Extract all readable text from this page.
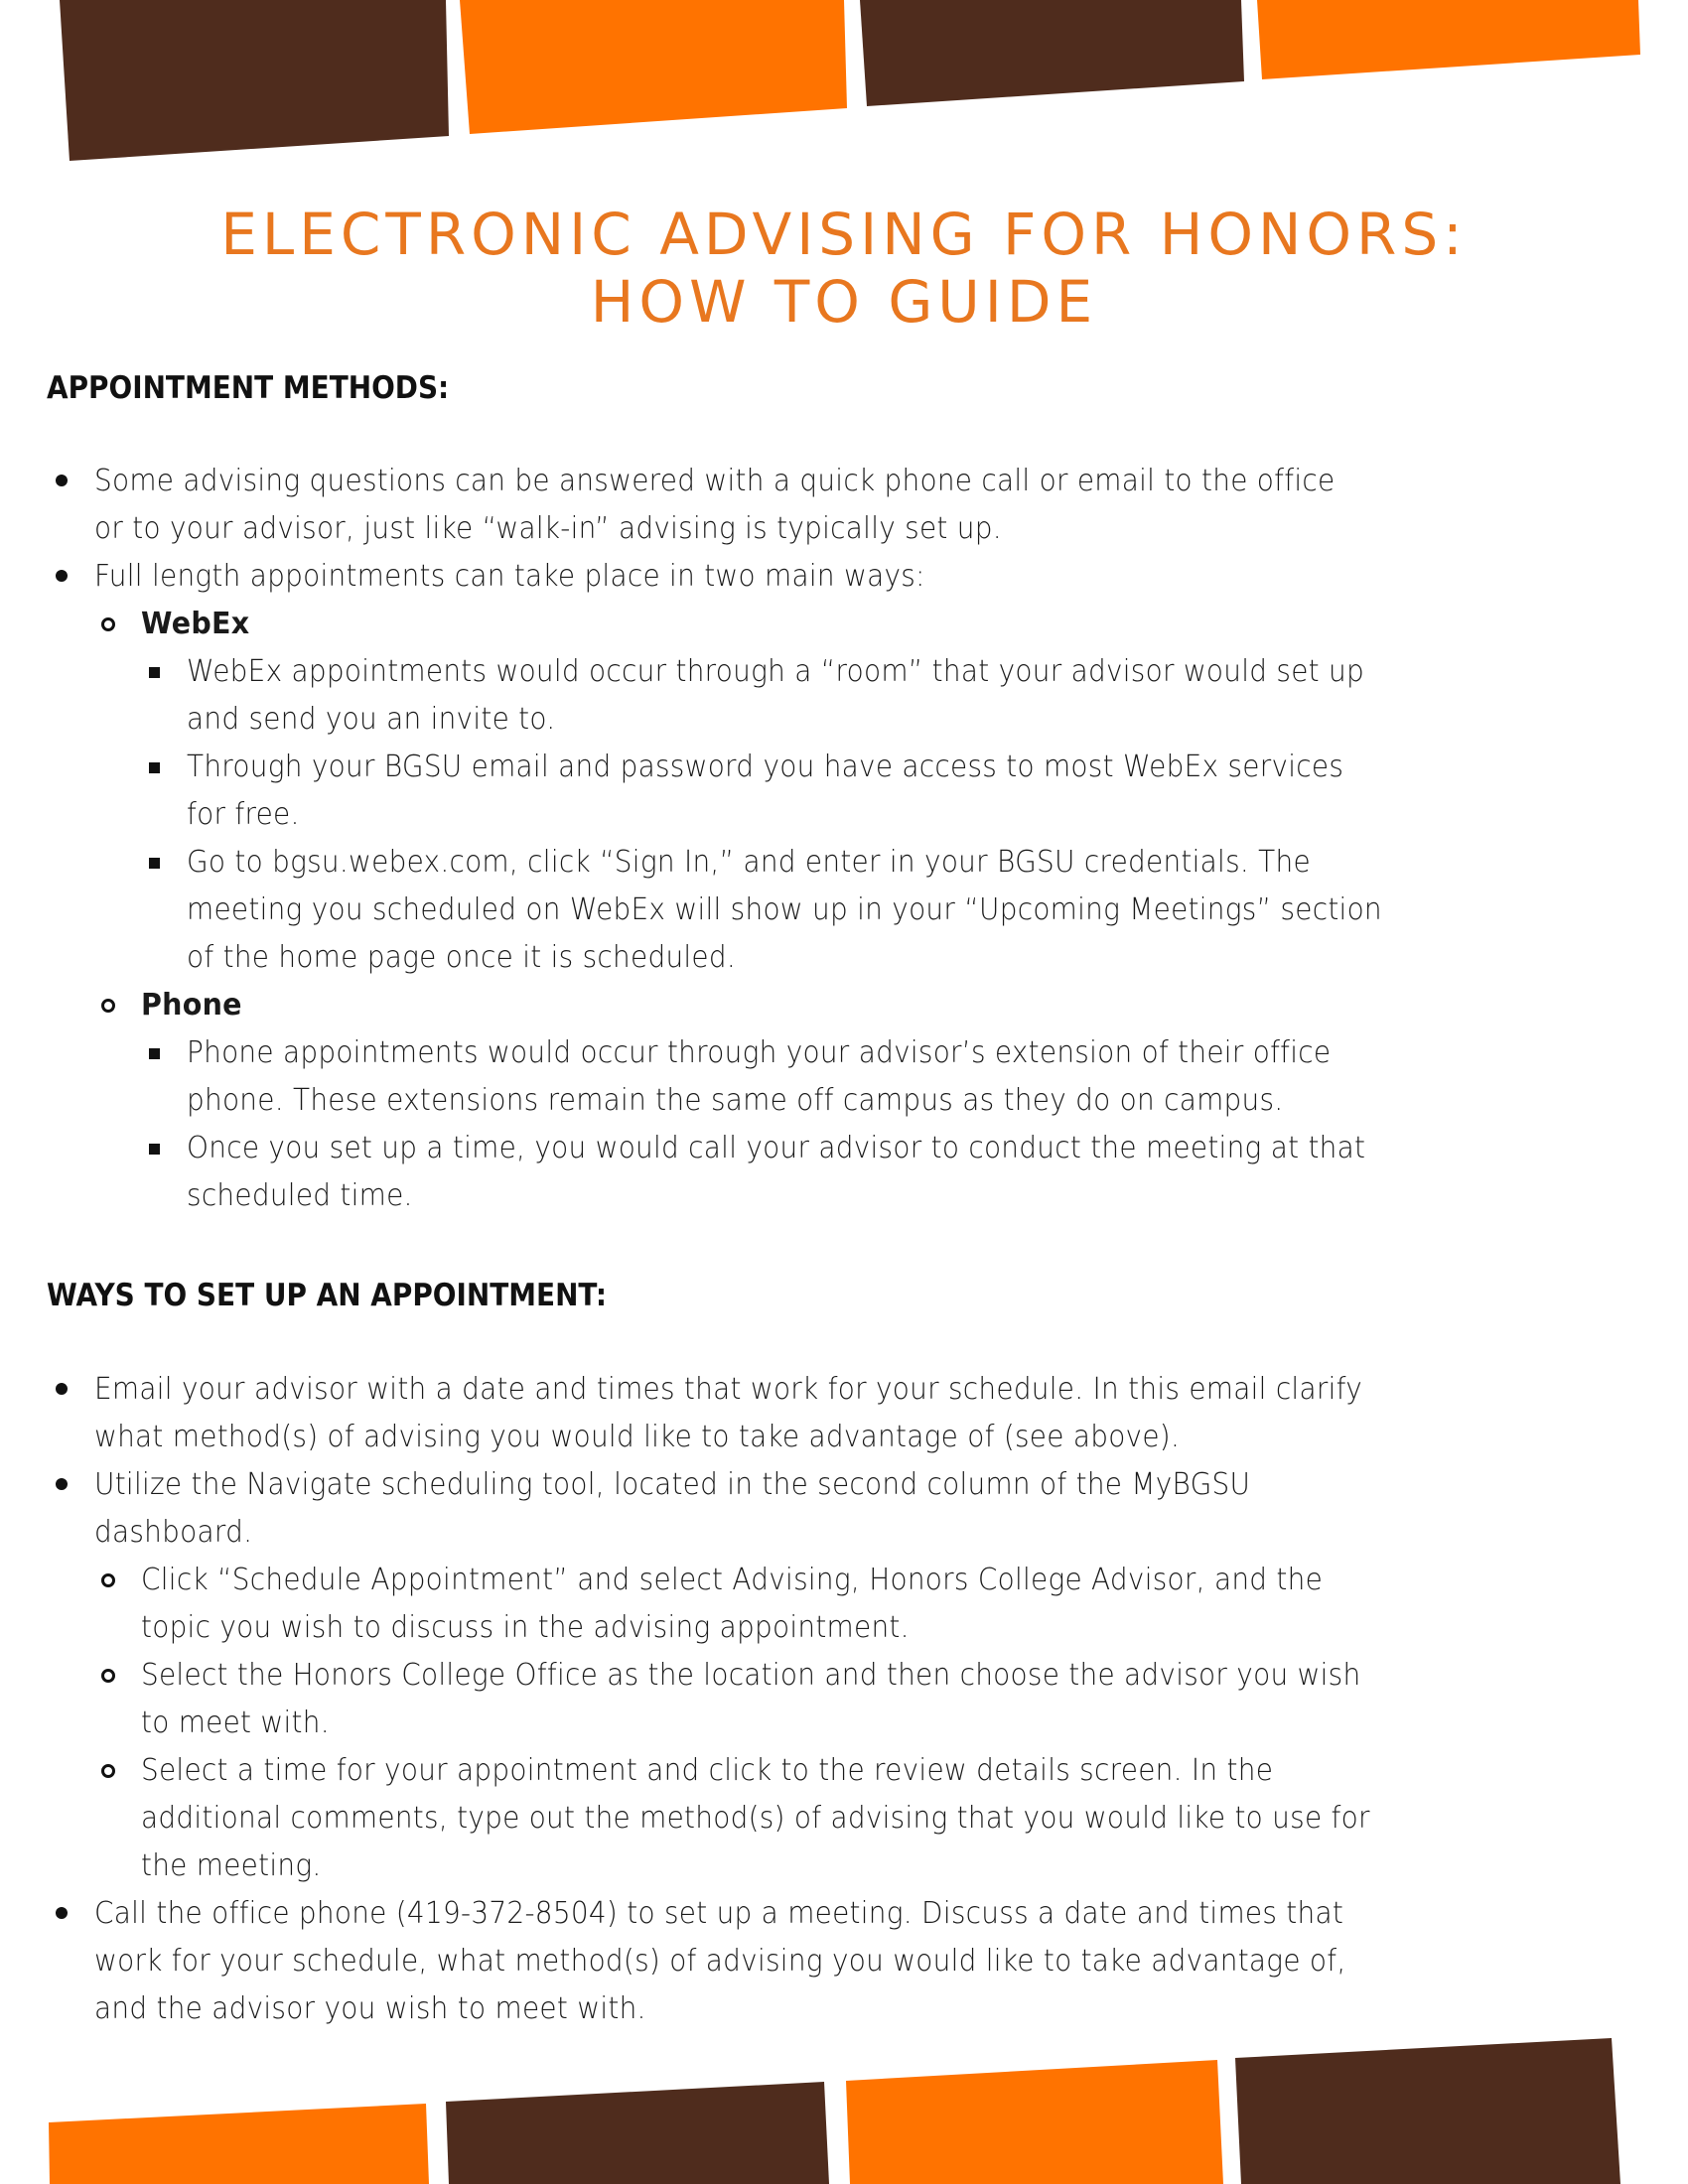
ELECTRONIC ADVISING FOR HONORS:
HOW TO GUIDE
APPOINTMENT METHODS:
Some advising questions can be answered with a quick phone call or email to the office
or to your advisor, just like “walk-in” advising is typically set up.
Full length appointments can take place in two main ways:
WebEx
WebEx appointments would occur through a “room” that your advisor would set up
and send you an invite to.
Through your BGSU email and password you have access to most WebEx services
for free.
Go to bgsu.webex.com, click “Sign In,” and enter in your BGSU credentials. The
meeting you scheduled on WebEx will show up in your “Upcoming Meetings” section
of the home page once it is scheduled.
Phone
Phone appointments would occur through your advisor’s extension of their office
phone. These extensions remain the same off campus as they do on campus.
Once you set up a time, you would call your advisor to conduct the meeting at that
scheduled time.
WAYS TO SET UP AN APPOINTMENT:
Email your advisor with a date and times that work for your schedule. In this email clarify
what method(s) of advising you would like to take advantage of (see above).
Utilize the Navigate scheduling tool, located in the second column of the MyBGSU
dashboard.
Click “Schedule Appointment” and select Advising, Honors College Advisor, and the
topic you wish to discuss in the advising appointment.
Select the Honors College Office as the location and then choose the advisor you wish
to meet with.
Select a time for your appointment and click to the review details screen. In the
additional comments, type out the method(s) of advising that you would like to use for
the meeting.
Call the office phone (419-372-8504) to set up a meeting. Discuss a date and times that
work for your schedule, what method(s) of advising you would like to take advantage of,
and the advisor you wish to meet with.
